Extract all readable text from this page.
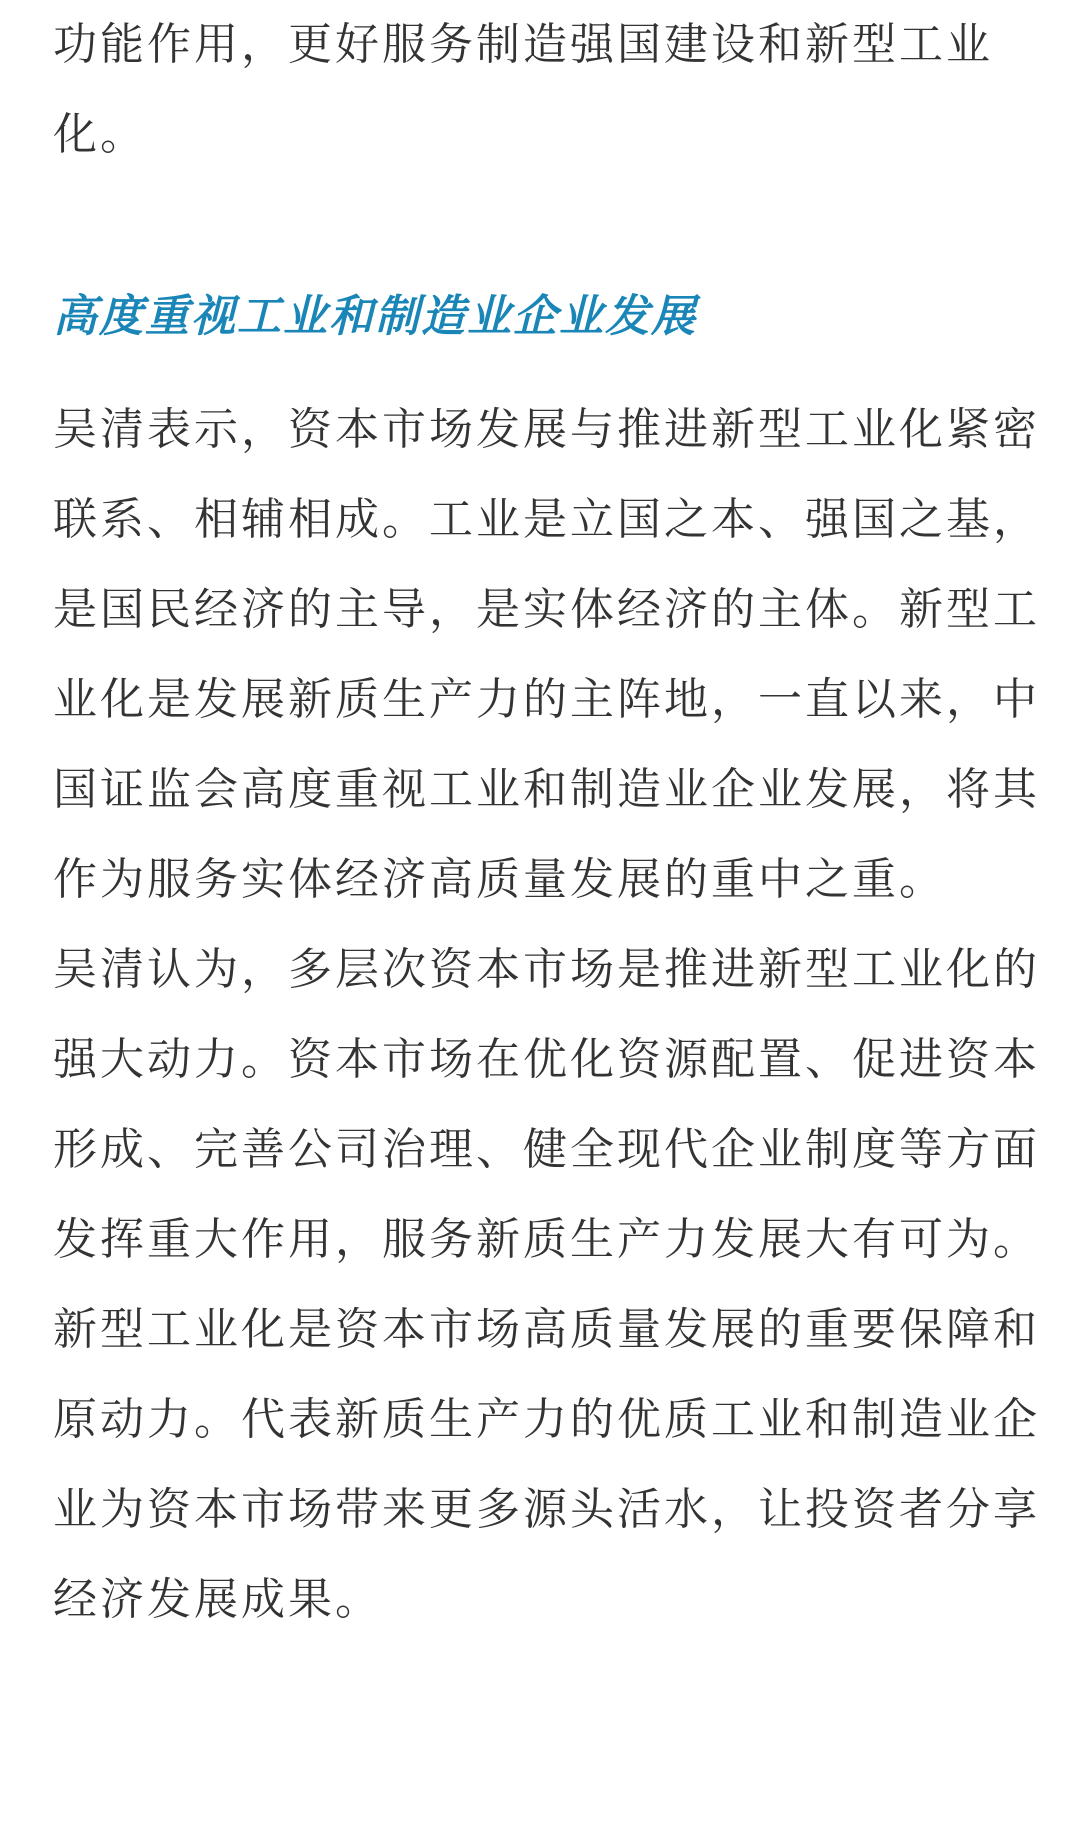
功能作用，更好服务制造强国建设和新型工业
化。

高度重视工业和制造业企业发展

吴清表示，资本市场发展与推进新型工业化紧密
联系、相辅相成。工业是立国之本、强国之基，
是国民经济的主导，是实体经济的主体。新型工
业化是发展新质生产力的主阵地，一直以来，中
国证监会高度重视工业和制造业企业发展，将其
作为服务实体经济高质量发展的重中之重。

吴清认为，多层次资本市场是推进新型工业化的
强大动力。资本市场在优化资源配置、促进资本
形成、完善公司治理、健全现代企业制度等方面
发挥重大作用，服务新质生产力发展大有可为。
新型工业化是资本市场高质量发展的重要保障和
原动力。代表新质生产力的优质工业和制造业企
业为资本市场带来更多源头活水，让投资者分享
经济发展成果。
